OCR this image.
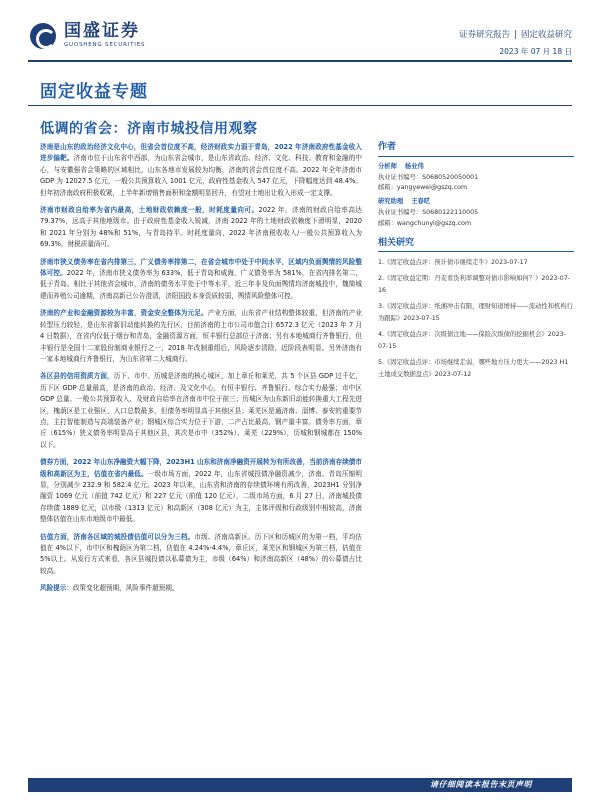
国盛证券
GUOSHENG SECURITIES
证券研究报告 | 固定收益研究
2023 年 07 月 18 日
固定收益专题
低调的省会：济南市城投信用观察

济南是山东的政治经济文化中心，但省会首位度不高，经济财政实力弱于青岛，2022 年济南政府性基金收入进步偏靶。济南市位于山东省中西部，为山东省会城市，是山东省政治、经济、文化、科技、教育和金融的中心，与安徽强省会策略的区域相比，山东各地市发展较为均衡，济南的省会首位度不高。2022 年全年济南市 GDP 为 12027.5 亿元，一般公共预算收入 1001 亿元，政府性基金收入 547 亿元，下降幅度达到 48.4%。但年初济南政府积极收紧，上半年新增销售面积和金额明显回升，有望对土地出让收入形成一定支撑。

济南市财政自给率为省内最高，土地财政依赖度一般，时耗度量向可。2022 年，济南的财政自给率高达 79.37%，远高于其他地级市。由于政府性基金收入锐减，济南 2022 年的土地财政依赖度下滑明显，2020 和 2021 年分别为 48%和 51%，与青岛持平。时耗度量向，2022 年济南税收收入/一般公共预算收入为 69.3%，财税质量尚可。

济南市狭义债务率在省内排第三，广义债务率排第二，在省会城市中处于中间水平，区域内负面舆情的风险整体可控。2022 年，济南市狭义债务率为 633%，低于青岛和威海，广义债务率为 581%，在省内排名第二，低于青岛。相比于其他省会城市，济南的债务水平处于中等水平，近三年非及负面舆情均济南城投中，魏简城建而养殖公司逾期，济南高新已公告澄清，济阳国投本身资质较弱，舆情风险整体可控。

济南的产业和金融资源较为丰富，资金安全整体为元足。产业方面，山东省产业结构整体较重，但济南的产业转型压力较轻，是山东省新旧动能转换的先行区，目前济南的上市公司市值合计 6572.3 亿元（2023 年 7 月 4 日数据），在省内仅低于烟台和青岛，金融资源方面，恒丰银行总部位于济南；另有本地城商行齐鲁银行，但丰银行是全国十二家股份制商业银行之一，2018 年改制重组后，风险逐步清除，近阶段表明显。另外济南有一家本地城商行齐鲁银行，为山东省第二大城商行。

各区县的信用资质方面，历下、市中、历城是济南的核心城区，加上章丘和莱芜，共 5 个区县 GDP 过千亿，历下区 GDP 总量最高，是济南的政治、经济、及文化中心，有恒丰银行、齐鲁银行、综合实力最强；市中区 GDP 总量、一般公共预算收入、及财政自给率在济南市中位于前三；历城区为山东新旧动能转换重大工程先进区，槐荫区是工业强区，人口总数最多，但债务率明显高于其他区县；莱芜区是通济南、淄博、泰安的重要节点，主打智能制造与高端装备产业；钢城区综合实力位于下游，二产占比最高，钢产量丰富。债务率方面，章丘（615%）狭义债务率明显高于其他区县，其次是市中（352%）、莱芜（229%），历城和钢城都在 150% 以下。

债券方面，2022 年山东净融资大幅下降，2023H1 山东和济南净融资开展转为有所改善，当前济南存续债市级和高新区为主，估值在省内最低。一级市场方面，2022 年，山东省城投债净融资减少，济南、青岛压缩明显，分别减少 232.9 和 582.4 亿元。2023 年以来，山东省和济南的存续债环境有所改善，2023H1 分别净融资 1069 亿元（前值 742 亿元）和 227 亿元（前值 120 亿元），二级市场方面，6 月 27 日，济南城投债存续债 1889 亿元，以市级（1313 亿元）和高新区（308 亿元）为主，主体评级和行政级别中相较高，济南整体估值在山东市地级市中最低。

估值方面，济南各区域的城投债估值可以分为三档。市级、济南高新区、历下区和历城区的为第一档，平均估值在 4%以下，市中区和槐荫区为第二档，估值在 4.24%-4.4%，章丘区，莱芜区和钢城区为第三档，估值在 5%以上。从发行方式来看，各区县城投债以私募债为主，市级（64%）和济南高新区（48%）的公募债占比较高。

风险提示：政策变化超预期，风险事件超预期。

作者
分析师 杨业伟
执业证书编号：S0680520050001
邮箱：yangyewei@gszq.com
研究助理 王春呓
执业证书编号：S0680122110005
邮箱：wangchunyi@gszq.com
相关研究
1.《固定收益点评：预计债市继续走牛》2023-07-17
2.《固定收益定期：丹麦看货利率调整对债市影响如何？》2023-07-16
3.《固定收益点评：纸湘冲击有限，理财知道增持——流动性和机构行为跟踪》2023-07-15
4.《固定收益点评：次级债注地——保险次级债的挖掘机会》2023-07-15
5.《固定收益点评：市场继续走弱，哪些地方压力更大——2023 H1 土地成交数据盘点》2023-07-12
请仔细阅读本报告末页声明
